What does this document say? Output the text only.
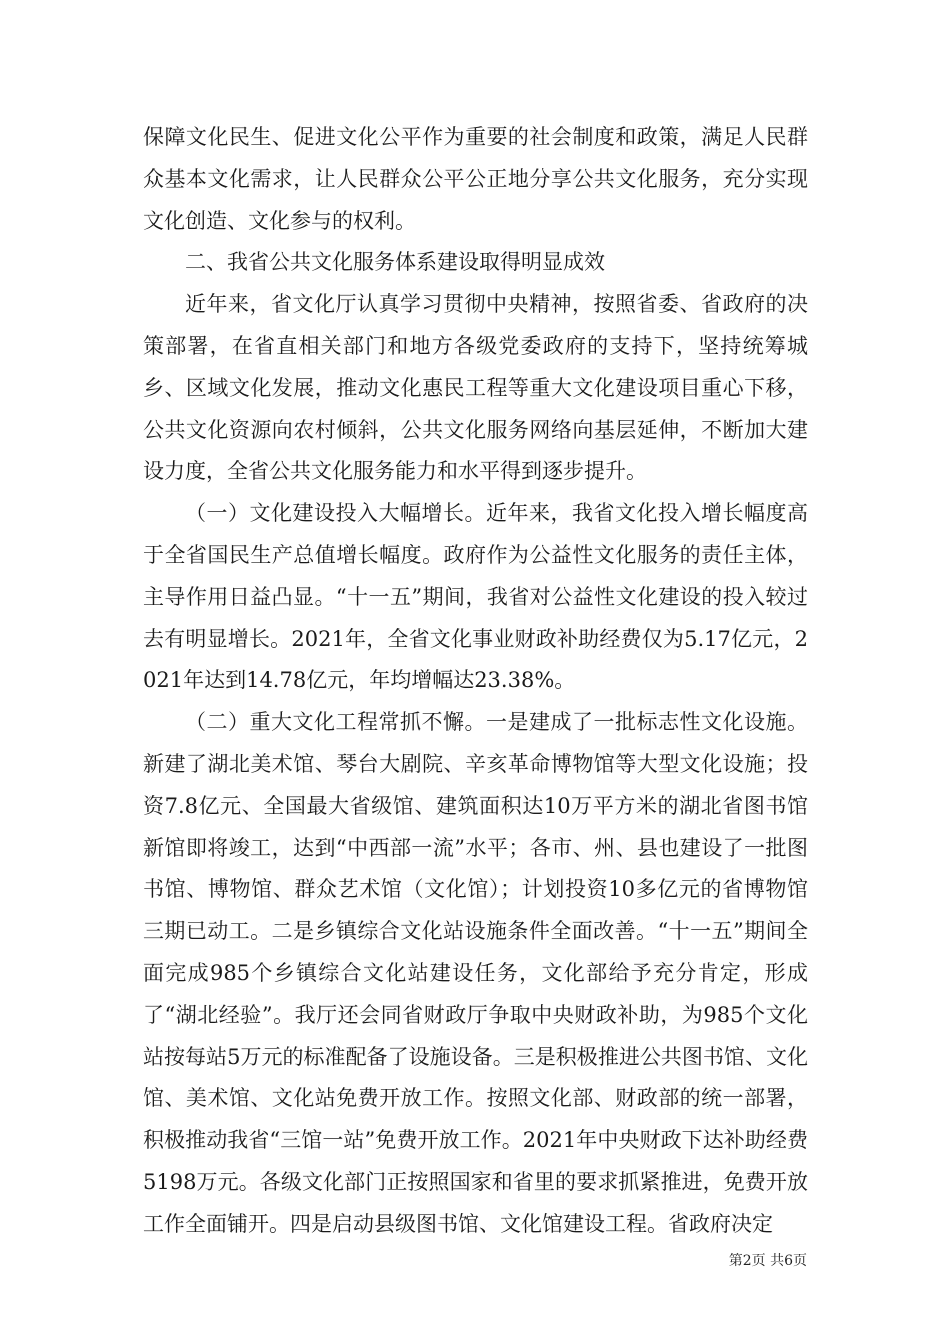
保障文化民生、促进文化公平作为重要的社会制度和政策，满足人民群众基本文化需求，让人民群众公平公正地分享公共文化服务，充分实现文化创造、文化参与的权利。

二、我省公共文化服务体系建设取得明显成效

近年来，省文化厅认真学习贯彻中央精神，按照省委、省政府的决策部署，在省直相关部门和地方各级党委政府的支持下，坚持统筹城乡、区域文化发展，推动文化惠民工程等重大文化建设项目重心下移，公共文化资源向农村倾斜，公共文化服务网络向基层延伸，不断加大建设力度，全省公共文化服务能力和水平得到逐步提升。

（一）文化建设投入大幅增长。近年来，我省文化投入增长幅度高于全省国民生产总值增长幅度。政府作为公益性文化服务的责任主体，主导作用日益凸显。“十一五”期间，我省对公益性文化建设的投入较过去有明显增长。2021年，全省文化事业财政补助经费仅为5.17亿元，2021年达到14.78亿元，年均增幅达23.38%。

（二）重大文化工程常抓不懈。一是建成了一批标志性文化设施。新建了湖北美术馆、琴台大剧院、辛亥革命博物馆等大型文化设施；投资7.8亿元、全国最大省级馆、建筑面积达10万平方米的湖北省图书馆新馆即将竣工，达到“中西部一流”水平；各市、州、县也建设了一批图书馆、博物馆、群众艺术馆（文化馆）；计划投资10多亿元的省博物馆三期已动工。二是乡镇综合文化站设施条件全面改善。“十一五”期间全面完成985个乡镇综合文化站建设任务，文化部给予充分肯定，形成了“湖北经验”。我厅还会同省财政厅争取中央财政补助，为985个文化站按每站5万元的标准配备了设施设备。三是积极推进公共图书馆、文化馆、美术馆、文化站免费开放工作。按照文化部、财政部的统一部署，积极推动我省“三馆一站”免费开放工作。2021年中央财政下达补助经费5198万元。各级文化部门正按照国家和省里的要求抓紧推进，免费开放工作全面铺开。四是启动县级图书馆、文化馆建设工程。省政府决定

第2页 共6页
